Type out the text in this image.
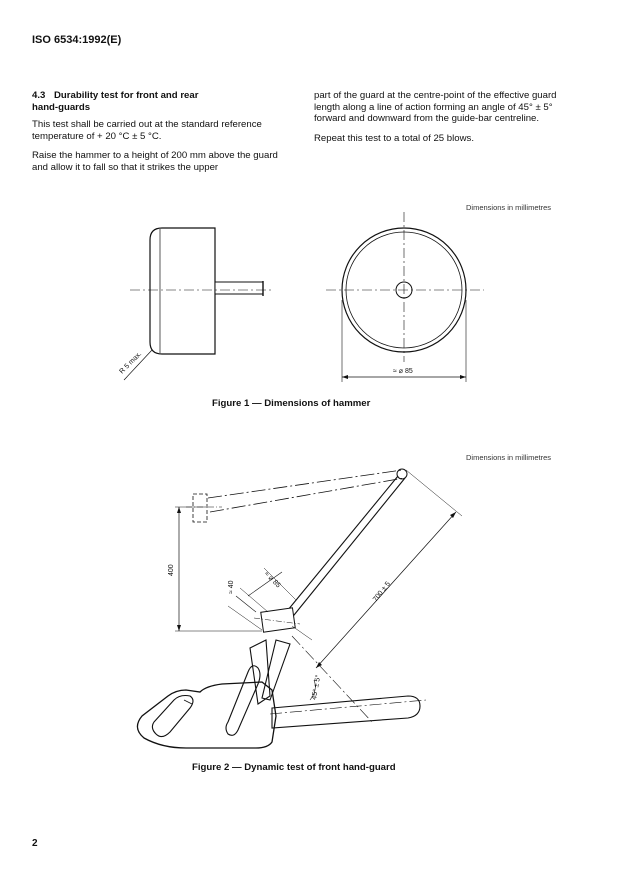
ISO 6534:1992(E)

4.3 Durability test for front and rear
hand-guards

This test shall be carried out at the standard reference temperature of + 20 °C ± 5 °C.

Raise the hammer to a height of 200 mm above the guard and allow it to fall so that it strikes the upper

part of the guard at the centre-point of the effective guard length along a line of action forming an angle of 45° ± 5° forward and downward from the guide-bar centreline.

Repeat this test to a total of 25 blows.

Dimensions in millimetres
R 5 max.	≈ ⌀ 85
Figure 1 — Dimensions of hammer
Dimensions in millimetres
400
≈ ⌀ 85
≈ 40	700 ± 5
45° ± 5°
Figure 2 — Dynamic test of front hand-guard
2
